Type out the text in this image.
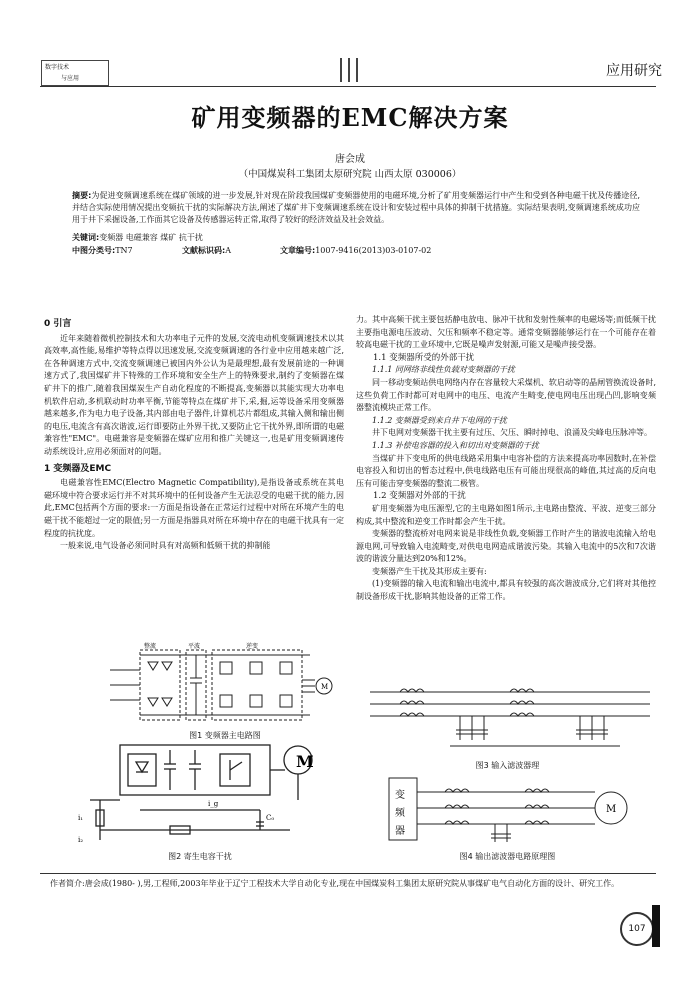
数字技术
与应用	应用研究
矿用变频器的EMC解决方案
唐会成
（中国煤炭科工集团太原研究院 山西太原 030006）
摘要:为促进变频调速系统在煤矿领域的进一步发展,针对现在阶段我国煤矿变频器使用的电磁环境,分析了矿用变频器运行中产生和受到各种电磁干扰及传播途径,并结合实际使用情况提出变频抗干扰的实际解决方法,阐述了煤矿井下变频调速系统在设计和安装过程中具体的抑制干扰措施。实际结果表明,变频调速系统成功应用于井下采掘设备,工作面其它设备及传感器运转正常,取得了较好的经济效益及社会效益。
关键词:变频器 电磁兼容 煤矿 抗干扰
中图分类号:TN7	文献标识码:A	文章编号:1007-9416(2013)03-0107-02

0 引言

近年来随着微机控制技术和大功率电子元件的发展,交流电动机变频调速技术以其高效率,高性能,易维护等特点得以迅速发展,交流变频调速的各行业中应用越来越广泛,在各种调速方式中,交流变频调速已被国内外公认为是最理想,最有发展前途的一种调速方式了,我国煤矿井下特殊的工作环境和安全生产上的特殊要求,制约了变频器在煤矿井下的推广,随着我国煤炭生产自动化程度的不断提高,变频器以其能实现大功率电机软件启动,多机联动时功率平衡,节能等特点在煤矿井下,采,掘,运等设备采用变频器越来越多,作为电力电子设备,其内部由电子器件,计算机芯片都组成,其输入侧和输出侧的电压,电流含有高次谐波,运行即要防止外界干扰,又要防止它干扰外界,即所谓的电磁兼容性"EMC"。电磁兼容是变频器在煤矿应用和推广关键这一,也是矿用变频调速传动系统设计,应用必须面对的问题。

1 变频器及EMC

电磁兼容性EMC(Electro Magnetic Compatibility),是指设备或系统在其电磁环境中符合要求运行并不对其环境中的任何设备产生无法忍受的电磁干扰的能力,因此,EMC包括两个方面的要求:一方面是指设备在正常运行过程中对所在环境产生的电磁干扰不能超过一定的限值;另一方面是指器具对所在环境中存在的电磁干扰具有一定程度的抗扰度。

一般来说,电气设备必须同时具有对高频和低频干扰的抑制能

整流	平波	逆变
M
图1 变频器主电路图
M
i₁
i₂
i_g
C₀
图2 寄生电容干扰

力。其中高频干扰主要包括静电放电、脉冲干扰和发射性频率的电磁场等;而低频干扰主要指电源电压波动、欠压和频率不稳定等。通常变频器能够运行在一个可能存在着较高电磁干扰的工业环境中,它既是噪声发射源,可能又是噪声接受器。

1.1 变频器所受的外部干扰

1.1.1 同网络非线性负载对变频器的干扰

同一移动变频站供电网络内存在容量较大采煤机、软启动等的晶闸管换流设备时,这些负荷工作时都可对电网中的电压、电流产生畸变,使电网电压出现凸凹,影响变频器整流模块正常工作。

1.1.2 变频器受到来自井下电网的干扰

井下电网对变频器干扰主要有过压、欠压、瞬时掉电、浪涌及尖峰电压脉冲等。

1.1.3 补偿电容器的投入和切出对变频器的干扰

当煤矿井下变电所的供电线路采用集中电容补偿的方法来提高功率因数时,在补偿电容投入和切出的暂态过程中,供电线路电压有可能出现很高的峰值,其过高的反向电压有可能击穿变频器的整流二极管。

1.2 变频器对外部的干扰

矿用变频器为电压源型,它的主电路如图1所示,主电路由整流、平波、逆变三部分构成,其中整流和逆变工作时都会产生干扰。

变频器的整流桥对电网来说是非线性负载,变频器工作时产生的谐波电流输入给电源电网,可导致输入电流畸变,对供电电网造成谐波污染。其输入电流中的5次和7次谐波的谐波分量达到20%和12%。

变频器产生干扰及其形成主要有:

(1)变频器的输入电流和输出电流中,都具有较强的高次谐波成分,它们将对其他控制设备形成干扰,影响其他设备的正常工作。

图3 输入滤波器理
变
频
器
M
图4 输出滤波器电路原理图
作者简介:唐会成(1980- ),男,工程师,2003年毕业于辽宁工程技术大学自动化专业,现在中国煤炭科工集团太原研究院从事煤矿电气自动化方面的设计、研究工作。
107
